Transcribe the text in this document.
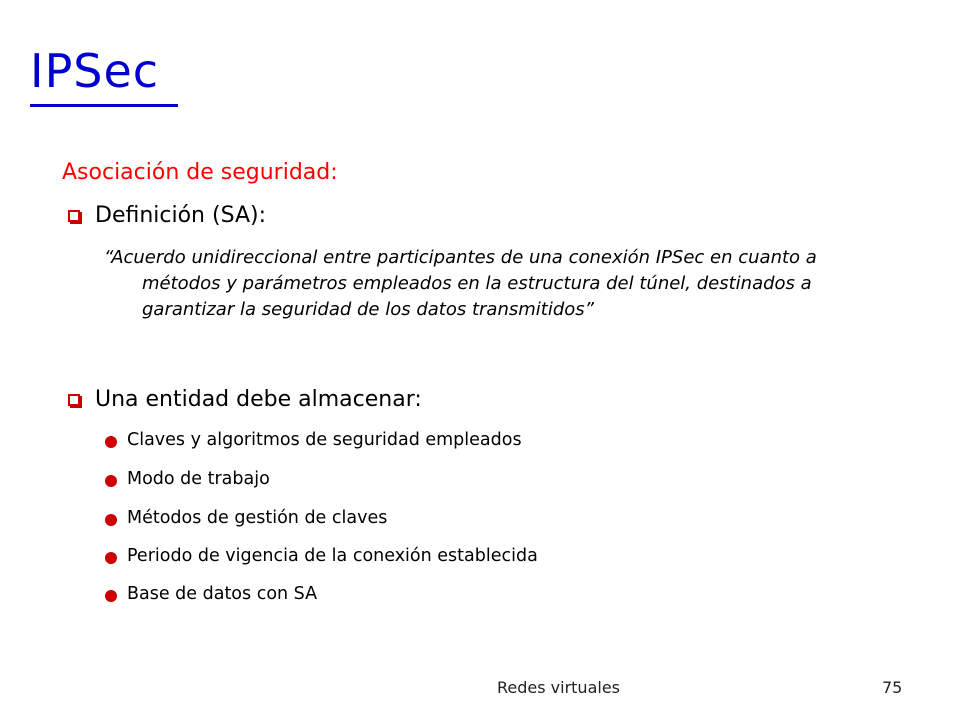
IPSec
Asociación de seguridad:
Definición (SA):
“Acuerdo unidireccional entre participantes de una conexión IPSec en cuanto a métodos y parámetros empleados en la estructura del túnel, destinados a garantizar la seguridad de los datos transmitidos”
Una entidad debe almacenar:
Claves y algoritmos de seguridad empleados
Modo de trabajo
Métodos de gestión de claves
Periodo de vigencia de la conexión establecida
Base de datos con SA
Redes virtuales	75
